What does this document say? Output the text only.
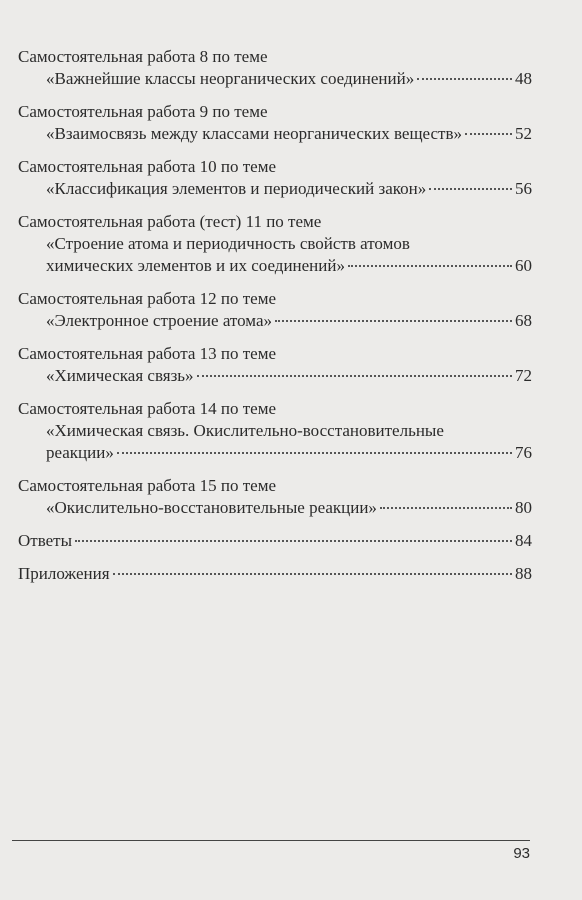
Самостоятельная работа 8 по теме
«Важнейшие классы неорганических соединений»	48
Самостоятельная работа 9 по теме
«Взаимосвязь между классами неорганических веществ»	52
Самостоятельная работа 10 по теме
«Классификация элементов и периодический закон»	56
Самостоятельная работа (тест) 11 по теме
«Строение атома и периодичность свойств атомов
химических элементов и их соединений»	60
Самостоятельная работа 12 по теме
«Электронное строение атома»	68
Самостоятельная работа 13 по теме
«Химическая связь»	72
Самостоятельная работа 14 по теме
«Химическая связь. Окислительно-восстановительные
реакции»	76
Самостоятельная работа 15 по теме
«Окислительно-восстановительные реакции»	80
Ответы	84
Приложения	88
93
